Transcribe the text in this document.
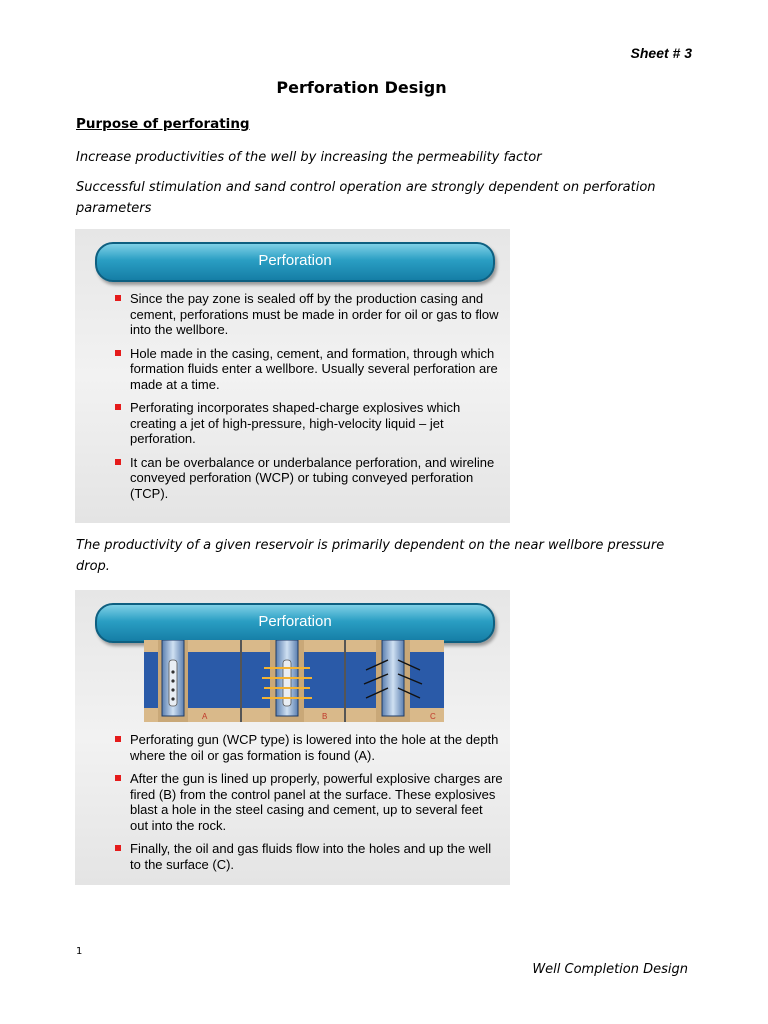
Sheet # 3
Perforation Design
Purpose of perforating
Increase productivities of the well by increasing the permeability factor
Successful stimulation and sand control operation are strongly dependent on perforation parameters
Perforation
Since the pay zone is sealed off by the production casing and cement, perforations must be made in order for oil or gas to flow into the wellbore.
Hole made in the casing, cement, and formation, through which formation fluids enter a wellbore. Usually several perforation are made at a time.
Perforating incorporates shaped-charge explosives which creating a jet of high-pressure, high-velocity liquid – jet perforation.
It can be overbalance or underbalance perforation, and wireline conveyed perforation (WCP) or tubing conveyed perforation (TCP).
The productivity of a given reservoir is primarily dependent on the near wellbore pressure drop.
Perforation
A	B	C
Perforating gun (WCP type) is lowered into the hole at the depth where the oil or gas formation is found (A).
After the gun is lined up properly, powerful explosive charges are fired (B) from the control panel at the surface. These explosives blast a hole in the steel casing and cement, up to several feet out into the rock.
Finally, the oil and gas fluids flow into the holes and up the well to the surface (C).
1
Well Completion Design
